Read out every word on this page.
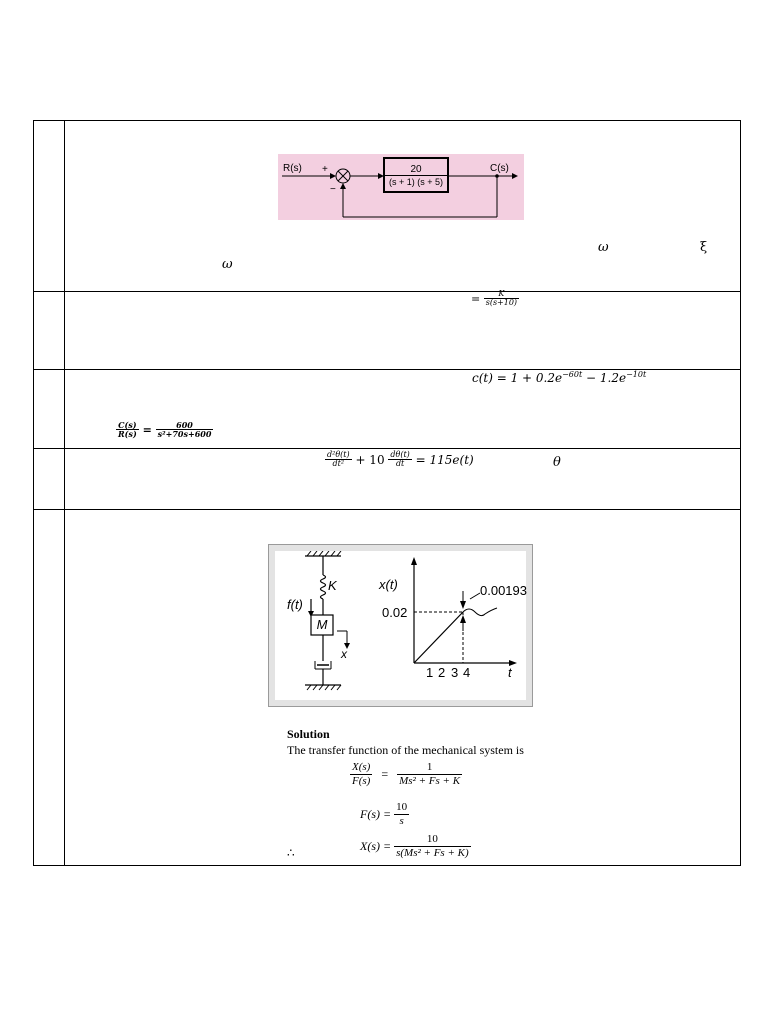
R(s) +
−
20
(s + 1) (s + 5)
C(s)
ω	ξ
ω
= $\frac{K}{s(s+10)}$
$c(t) = 1 + 0.2e^{-60t} - 1.2e^{-10t}$
$\frac{C(s)}{R(s)} = \frac{600}{\text{s²+70s+600}}$
$\frac{\text{d²θ(t)}}{\text{dt²}} + 10 \frac{d\theta(t)}{dt} = 115e(t)$	θ
K
f(t)
M
x
x(t)	0.00193
0.02
1 2 3 4	t
Solution
The transfer function of the mechanical system is
$\frac{X(s)}{F(s)} = \frac{1}{\text{Ms² + Fs + K}}$
$F(s) = \frac{10}{s}$
∴
$X(s) = \frac{10}{\text{s(Ms² + Fs + K)}}$
